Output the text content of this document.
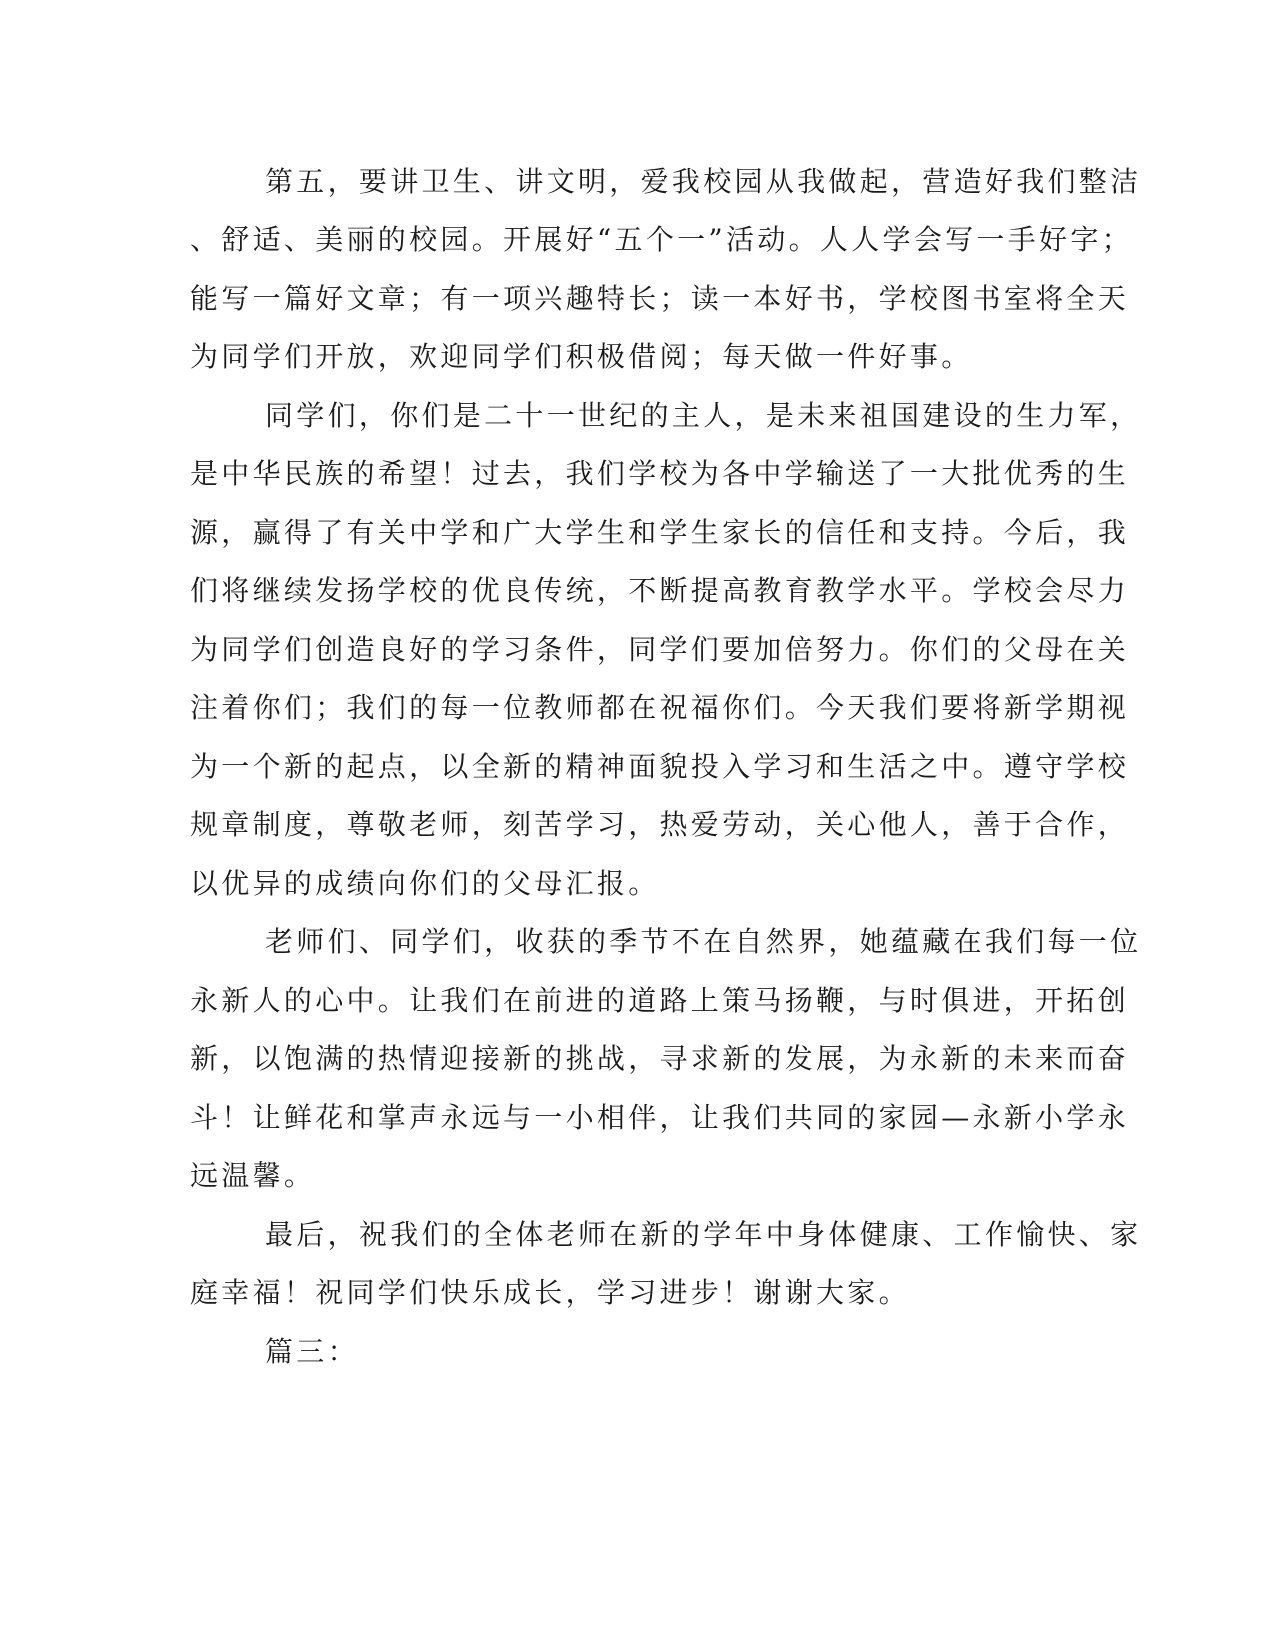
第五，要讲卫生、讲文明，爱我校园从我做起，营造好我们整洁
、舒适、美丽的校园。开展好“五个一”活动。人人学会写一手好字；
能写一篇好文章；有一项兴趣特长；读一本好书，学校图书室将全天
为同学们开放，欢迎同学们积极借阅；每天做一件好事。
同学们，你们是二十一世纪的主人，是未来祖国建设的生力军，
是中华民族的希望！过去，我们学校为各中学输送了一大批优秀的生
源，赢得了有关中学和广大学生和学生家长的信任和支持。今后，我
们将继续发扬学校的优良传统，不断提高教育教学水平。学校会尽力
为同学们创造良好的学习条件，同学们要加倍努力。你们的父母在关
注着你们；我们的每一位教师都在祝福你们。今天我们要将新学期视
为一个新的起点，以全新的精神面貌投入学习和生活之中。遵守学校
规章制度，尊敬老师，刻苦学习，热爱劳动，关心他人，善于合作，
以优异的成绩向你们的父母汇报。
老师们、同学们，收获的季节不在自然界，她蕴藏在我们每一位
永新人的心中。让我们在前进的道路上策马扬鞭，与时俱进，开拓创
新，以饱满的热情迎接新的挑战，寻求新的发展，为永新的未来而奋
斗！让鲜花和掌声永远与一小相伴，让我们共同的家园—永新小学永
远温馨。
最后，祝我们的全体老师在新的学年中身体健康、工作愉快、家
庭幸福！祝同学们快乐成长，学习进步！谢谢大家。
篇三：
